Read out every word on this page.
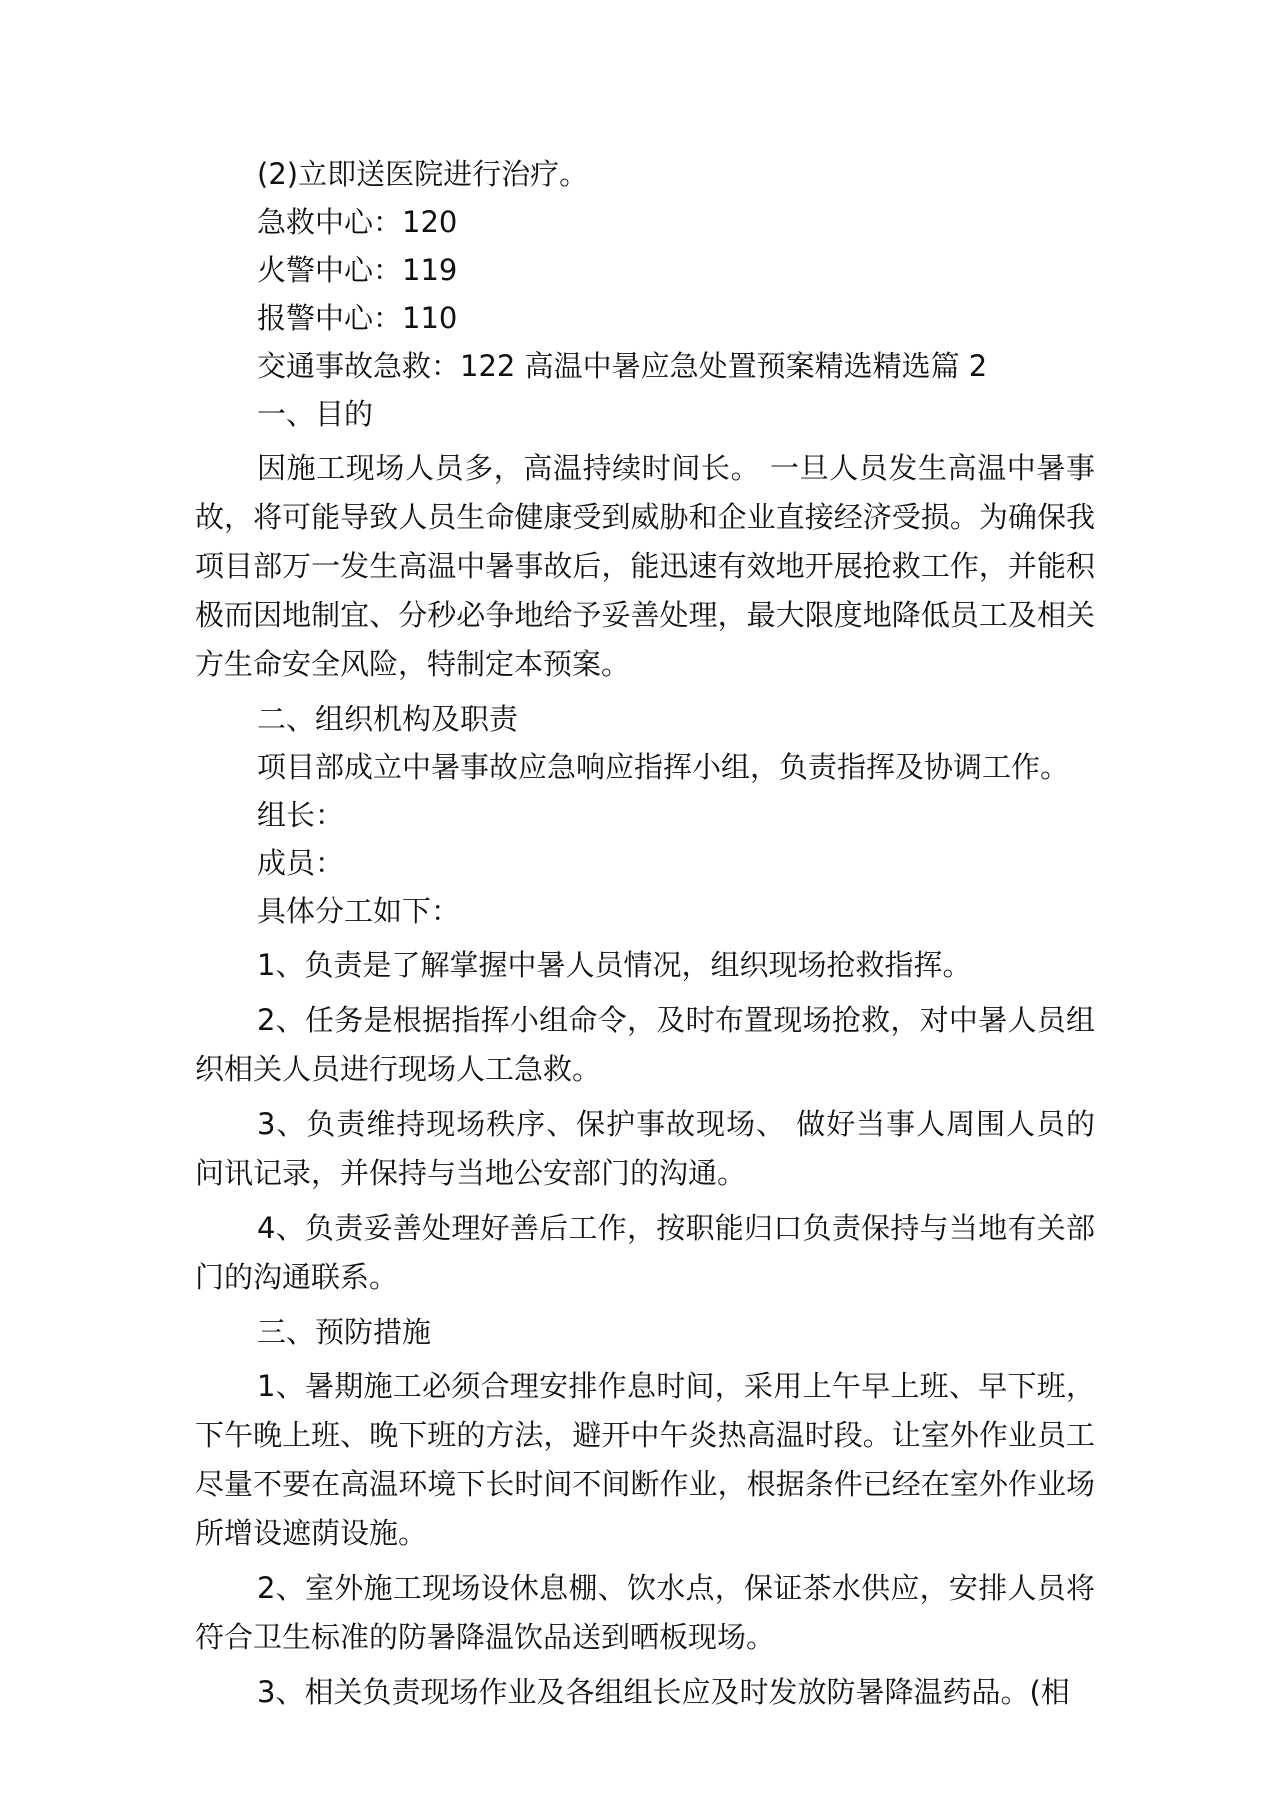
(2)立即送医院进行治疗。

急救中心：120

火警中心：119

报警中心：110

交通事故急救：122 高温中暑应急处置预案精选精选篇 2

一、目的

因施工现场人员多，高温持续时间长。 一旦人员发生高温中暑事故，将可能导致人员生命健康受到威胁和企业直接经济受损。为确保我项目部万一发生高温中暑事故后，能迅速有效地开展抢救工作，并能积极而因地制宜、分秒必争地给予妥善处理，最大限度地降低员工及相关方生命安全风险，特制定本预案。

二、组织机构及职责

项目部成立中暑事故应急响应指挥小组，负责指挥及协调工作。

组长：

成员：

具体分工如下：

1、负责是了解掌握中暑人员情况，组织现场抢救指挥。

2、任务是根据指挥小组命令，及时布置现场抢救，对中暑人员组织相关人员进行现场人工急救。

3、负责维持现场秩序、保护事故现场、 做好当事人周围人员的问讯记录，并保持与当地公安部门的沟通。

4、负责妥善处理好善后工作，按职能归口负责保持与当地有关部门的沟通联系。

三、预防措施

1、暑期施工必须合理安排作息时间，采用上午早上班、早下班，下午晚上班、晚下班的方法，避开中午炎热高温时段。让室外作业员工尽量不要在高温环境下长时间不间断作业，根据条件已经在室外作业场所增设遮荫设施。

2、室外施工现场设休息棚、饮水点，保证茶水供应，安排人员将符合卫生标准的防暑降温饮品送到晒板现场。

3、相关负责现场作业及各组组长应及时发放防暑降温药品。(相
